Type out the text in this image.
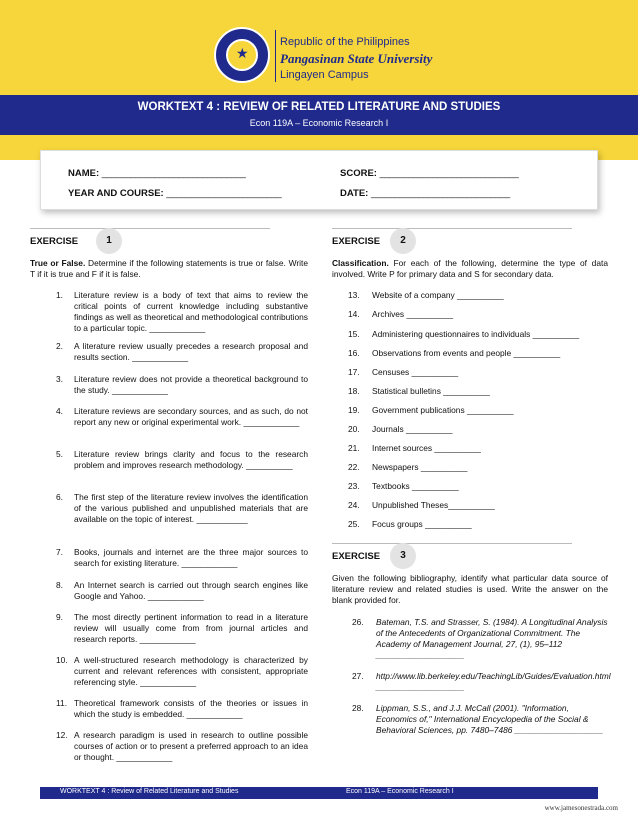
★
Republic of the Philippines
Pangasinan State University
Lingayen Campus
WORKTEXT 4 : REVIEW OF RELATED LITERATURE AND STUDIES
Econ 119A – Economic Research I
NAME: ______________________________	SCORE: _____________________________
YEAR AND COURSE: ________________________	DATE: _____________________________
EXERCISE	1
True or False. Determine if the following statements is true or false. Write T if it is true and F if it is false.
1. Literature review is a body of text that aims to review the critical points of current knowledge including substantive findings as well as theoretical and methodological contributions to a particular topic. ____________
2. A literature review usually precedes a research proposal and results section. ____________
3. Literature review does not provide a theoretical background to the study. ____________
4. Literature reviews are secondary sources, and as such, do not report any new or original experimental work. ____________
5. Literature review brings clarity and focus to the research problem and improves research methodology. __________
6. The first step of the literature review involves the identification of the various published and unpublished materials that are available on the topic of interest. ___________
7. Books, journals and internet are the three major sources to search for existing literature. ____________
8. An Internet search is carried out through search engines like Google and Yahoo. ____________
9. The most directly pertinent information to read in a literature review will usually come from from journal articles and research reports. ____________
10. A well-structured research methodology is characterized by current and relevant references with consistent, appropriate referencing style. ____________
11. Theoretical framework consists of the theories or issues in which the study is embedded. ____________
12. A research paradigm is used in research to outline possible courses of action or to present a preferred approach to an idea or thought. ____________
EXERCISE	2
Classification. For each of the following, determine the type of data involved. Write P for primary data and S for secondary data.
13. Website of a company __________
14. Archives __________
15. Administering questionnaires to individuals __________
16. Observations from events and people __________
17. Censuses __________
18. Statistical bulletins __________
19. Government publications __________
20. Journals __________
21. Internet sources __________
22. Newspapers __________
23. Textbooks __________
24. Unpublished Theses__________
25. Focus groups __________
EXERCISE	3
Given the following bibliography, identify what particular data source of literature review and related studies is used. Write the answer on the blank provided for.
26. Bateman, T.S. and Strasser, S. (1984). A Longitudinal Analysis of the Antecedents of Organizational Commitment. The Academy of Management Journal, 27, (1), 95–112 ___________________
27. http://www.lib.berkeley.edu/TeachingLib/Guides/Evaluation.html ___________________
28. Lippman, S.S., and J.J. McCall (2001). "Information, Economics of," International Encyclopedia of the Social & Behavioral Sciences, pp. 7480–7486 ___________________
WORKTEXT 4 : Review of Related Literature and Studies	Econ 119A – Economic Research I
www.jamesonestrada.com
